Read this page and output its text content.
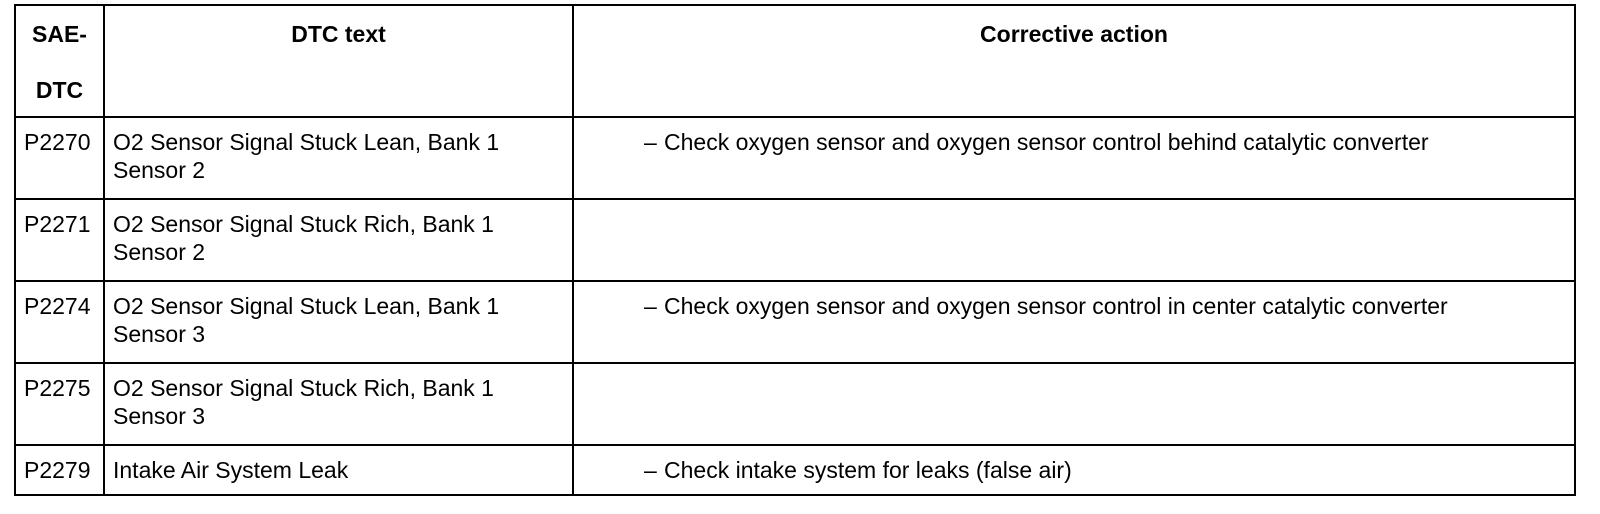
SAE-
DTC	DTC text	Corrective action

P2270	O2 Sensor Signal Stuck Lean, Bank 1 Sensor 2	– Check oxygen sensor and oxygen sensor control behind catalytic converter

P2271	O2 Sensor Signal Stuck Rich, Bank 1 Sensor 2	
P2274	O2 Sensor Signal Stuck Lean, Bank 1 Sensor 3	– Check oxygen sensor and oxygen sensor control in center catalytic converter

P2275	O2 Sensor Signal Stuck Rich, Bank 1 Sensor 3	
P2279	Intake Air System Leak	– Check intake system for leaks (false air)
